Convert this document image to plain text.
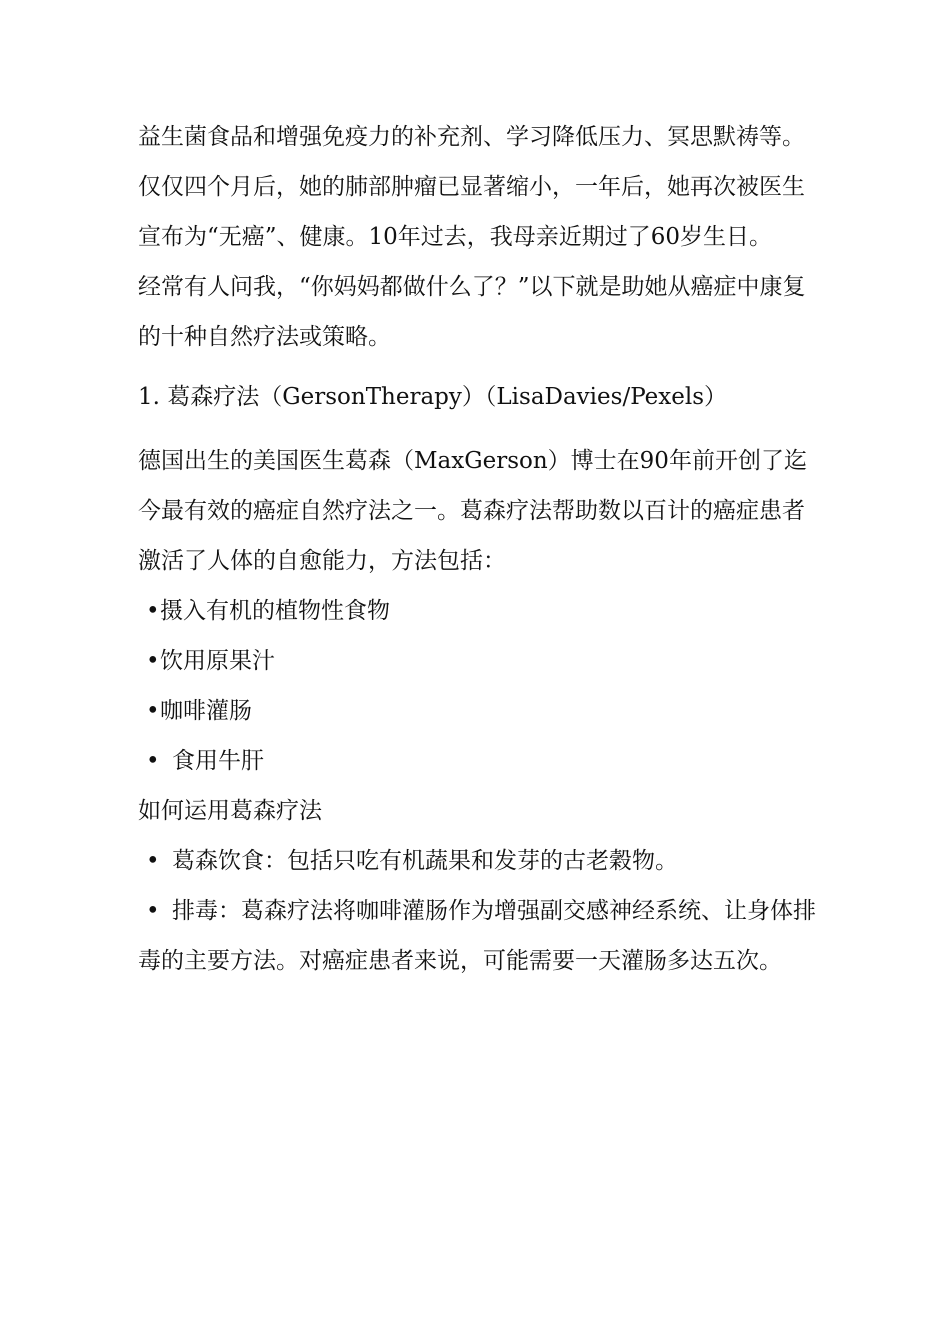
益生菌食品和增强免疫力的补充剂、学习降低压力、冥思默祷等。仅仅四个月后，她的肺部肿瘤已显著缩小，一年后，她再次被医生宣布为“无癌”、健康。10年过去，我母亲近期过了60岁生日。

经常有人问我，“你妈妈都做什么了？”以下就是助她从癌症中康复的十种自然疗法或策略。

1. 葛森疗法（GersonTherapy）（LisaDavies/Pexels）

德国出生的美国医生葛森（MaxGerson）博士在90年前开创了迄今最有效的癌症自然疗法之一。葛森疗法帮助数以百计的癌症患者激活了人体的自愈能力，方法包括：

•摄入有机的植物性食物

•饮用原果汁

•咖啡灌肠

• 食用牛肝

如何运用葛森疗法

• 葛森饮食：包括只吃有机蔬果和发芽的古老穀物。

• 排毒：葛森疗法将咖啡灌肠作为增强副交感神经系统、让身体排毒的主要方法。对癌症患者来说，可能需要一天灌肠多达五次。
